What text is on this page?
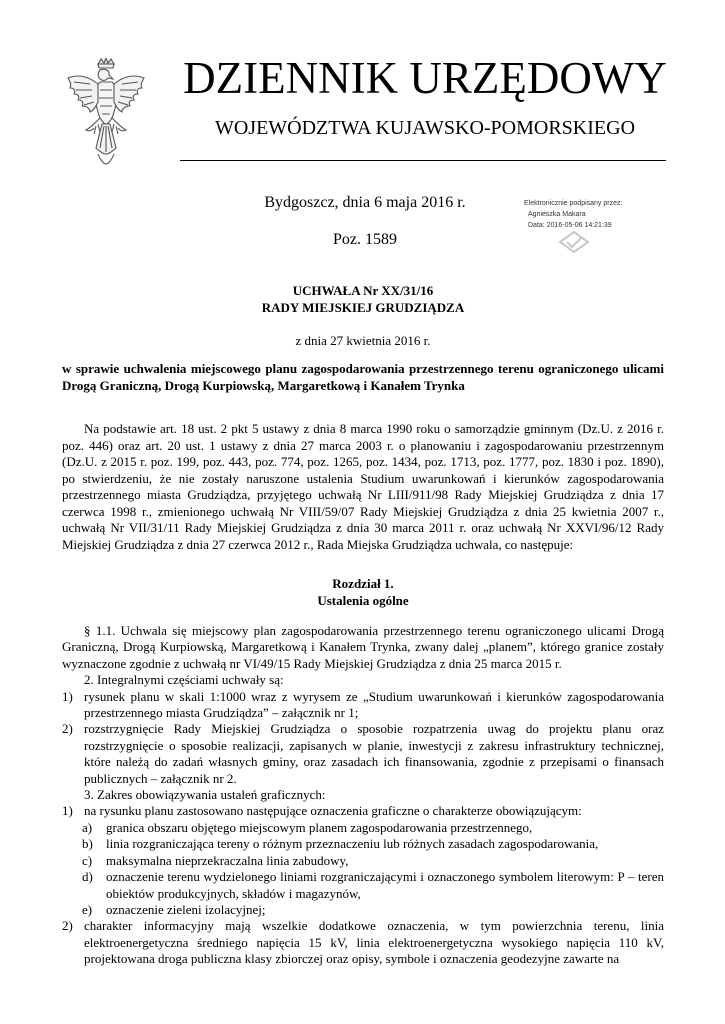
DZIENNIK URZĘDOWY
WOJEWÓDZTWA KUJAWSKO-POMORSKIEGO
Bydgoszcz, dnia 6 maja 2016 r.
Poz. 1589
Elektronicznie podpisany przez:
Agnieszka Makara
Data: 2016-05-06 14:21:39
UCHWAŁA Nr XX/31/16
RADY MIEJSKIEJ GRUDZIĄDZA
z dnia 27 kwietnia 2016 r.
w sprawie uchwalenia miejscowego planu zagospodarowania przestrzennego terenu ograniczonego ulicami Drogą Graniczną, Drogą Kurpiowską, Margaretkową i Kanałem Trynka
Na podstawie art. 18 ust. 2 pkt 5 ustawy z dnia 8 marca 1990 roku o samorządzie gminnym (Dz.U. z 2016 r. poz. 446) oraz art. 20 ust. 1 ustawy z dnia 27 marca 2003 r. o planowaniu i zagospodarowaniu przestrzennym (Dz.U. z 2015 r. poz. 199, poz. 443, poz. 774, poz. 1265, poz. 1434, poz. 1713, poz. 1777, poz. 1830 i poz. 1890), po stwierdzeniu, że nie zostały naruszone ustalenia Studium uwarunkowań i kierunków zagospodarowania przestrzennego miasta Grudziądza, przyjętego uchwałą Nr LIII/911/98 Rady Miejskiej Grudziądza z dnia 17 czerwca 1998 r., zmienionego uchwałą Nr VIII/59/07 Rady Miejskiej Grudziądza z dnia 25 kwietnia 2007 r., uchwałą Nr VII/31/11 Rady Miejskiej Grudziądza z dnia 30 marca 2011 r. oraz uchwałą Nr XXVI/96/12 Rady Miejskiej Grudziądza z dnia 27 czerwca 2012 r., Rada Miejska Grudziądza uchwala, co następuje:
Rozdział 1.
Ustalenia ogólne

§ 1.1. Uchwala się miejscowy plan zagospodarowania przestrzennego terenu ograniczonego ulicami Drogą Graniczną, Drogą Kurpiowską, Margaretkową i Kanałem Trynka, zwany dalej „planem”, którego granice zostały wyznaczone zgodnie z uchwałą nr VI/49/15 Rady Miejskiej Grudziądza z dnia 25 marca 2015 r.

2. Integralnymi częściami uchwały są:

1) rysunek planu w skali 1:1000 wraz z wyrysem ze „Studium uwarunkowań i kierunków zagospodarowania przestrzennego miasta Grudziądza” – załącznik nr 1;

2) rozstrzygnięcie Rady Miejskiej Grudziądza o sposobie rozpatrzenia uwag do projektu planu oraz rozstrzygnięcie o sposobie realizacji, zapisanych w planie, inwestycji z zakresu infrastruktury technicznej, które należą do zadań własnych gminy, oraz zasadach ich finansowania, zgodnie z przepisami o finansach publicznych – załącznik nr 2.

3. Zakres obowiązywania ustaleń graficznych:

1) na rysunku planu zastosowano następujące oznaczenia graficzne o charakterze obowiązującym:

a) granica obszaru objętego miejscowym planem zagospodarowania przestrzennego,

b) linia rozgraniczająca tereny o różnym przeznaczeniu lub różnych zasadach zagospodarowania,

c) maksymalna nieprzekraczalna linia zabudowy,

d) oznaczenie terenu wydzielonego liniami rozgraniczającymi i oznaczonego symbolem literowym: P – teren obiektów produkcyjnych, składów i magazynów,

e) oznaczenie zieleni izolacyjnej;

2) charakter informacyjny mają wszelkie dodatkowe oznaczenia, w tym powierzchnia terenu, linia elektroenergetyczna średniego napięcia 15 kV, linia elektroenergetyczna wysokiego napięcia 110 kV, projektowana droga publiczna klasy zbiorczej oraz opisy, symbole i oznaczenia geodezyjne zawarte na
